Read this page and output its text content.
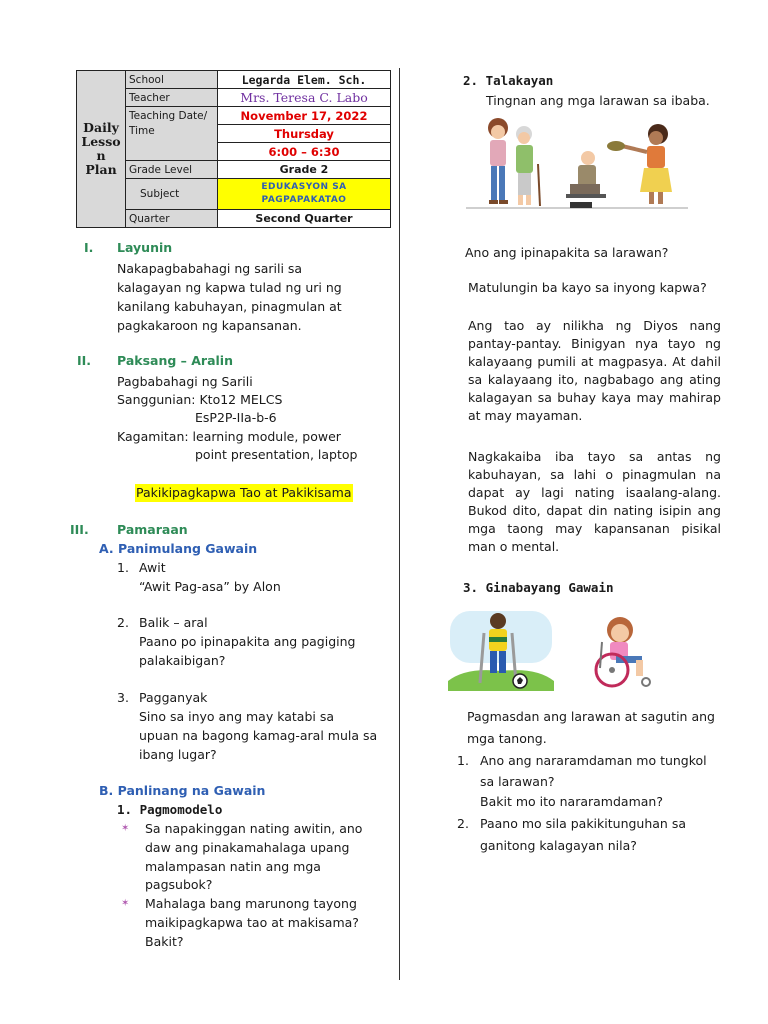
Daily Lesso n Plan	School	Legarda Elem. Sch.
	Teacher	Mrs. Teresa C. Labo
	Teaching Date/ Time	November 17, 2022
		Thursday
		6:00 – 6:30
	Grade Level	Grade 2
	Subject	EDUKASYON SA
PAGPAPAKATAO

	Quarter	Second Quarter
I. Layunin
Nakapagbabahagi ng sarili sa
kalagayan ng kapwa tulad ng uri ng
kanilang kabuhayan, pinagmulan at
pagkakaroon ng kapansanan.
II. Paksang – Aralin
Pagbabahagi ng Sarili
Sanggunian: Kto12 MELCS
EsP2P-IIa-b-6
Kagamitan: learning module, power
point presentation, laptop
Pakikipagkapwa Tao at Pakikisama
III. Pamaraan
A. Panimulang Gawain
1. Awit
“Awit Pag-asa” by Alon
2. Balik – aral
Paano po ipinapakita ang pagiging
palakaibigan?
3. Pagganyak
Sino sa inyo ang may katabi sa
upuan na bagong kamag-aral mula sa
ibang lugar?
B. Panlinang na Gawain
1. Pagmomodelo
✶ Sa napakinggan nating awitin, ano
daw ang pinakamahalaga upang
malampasan natin ang mga
pagsubok?
✶ Mahalaga bang marunong tayong
maikipagkapwa tao at makisama?
Bakit?
2. Talakayan
Tingnan ang mga larawan sa ibaba.
Ano ang ipinapakita sa larawan?
Matulungin ba kayo sa inyong kapwa?
Ang tao ay nilikha ng Diyos nang pantay-pantay. Binigyan nya tayo ng kalayaang pumili at magpasya. At dahil sa kalayaang ito, nagbabago ang ating kalagayan sa buhay kaya may mahirap at may mayaman.
Nagkakaiba iba tayo sa antas ng kabuhayan, sa lahi o pinagmulan na dapat ay lagi nating isaalang-alang. Bukod dito, dapat din nating isipin ang mga taong may kapansanan pisikal man o mental.
3. Ginabayang Gawain
Pagmasdan ang larawan at sagutin ang
mga tanong.
1. Ano ang nararamdaman mo tungkol
sa larawan?
Bakit mo ito nararamdaman?
2. Paano mo sila pakikitunguhan sa
ganitong kalagayan nila?
